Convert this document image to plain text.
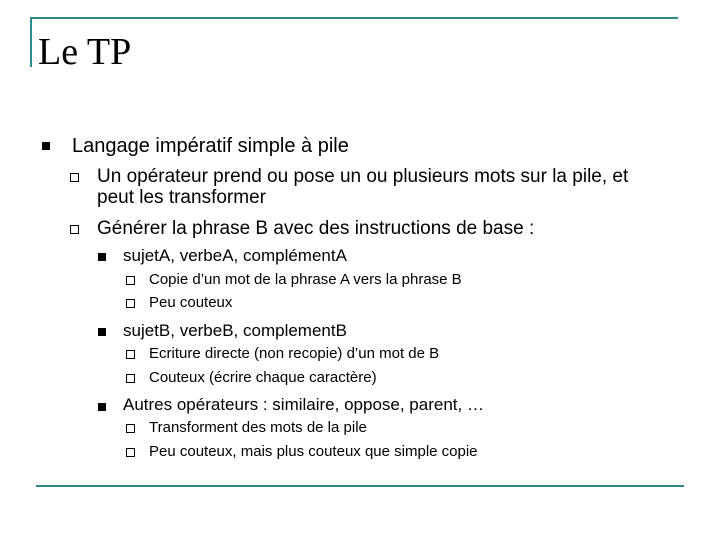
Le TP
Langage impératif simple à pile
Un opérateur prend ou pose un ou plusieurs mots sur la pile, et peut les transformer
Générer la phrase B avec des instructions de base :
sujetA, verbeA, complémentA
Copie d’un mot de la phrase A vers la phrase B
Peu couteux
sujetB, verbeB, complementB
Ecriture directe (non recopie) d’un mot de B
Couteux (écrire chaque caractère)
Autres opérateurs : similaire, oppose, parent, …
Transforment des mots de la pile
Peu couteux, mais plus couteux que simple copie
